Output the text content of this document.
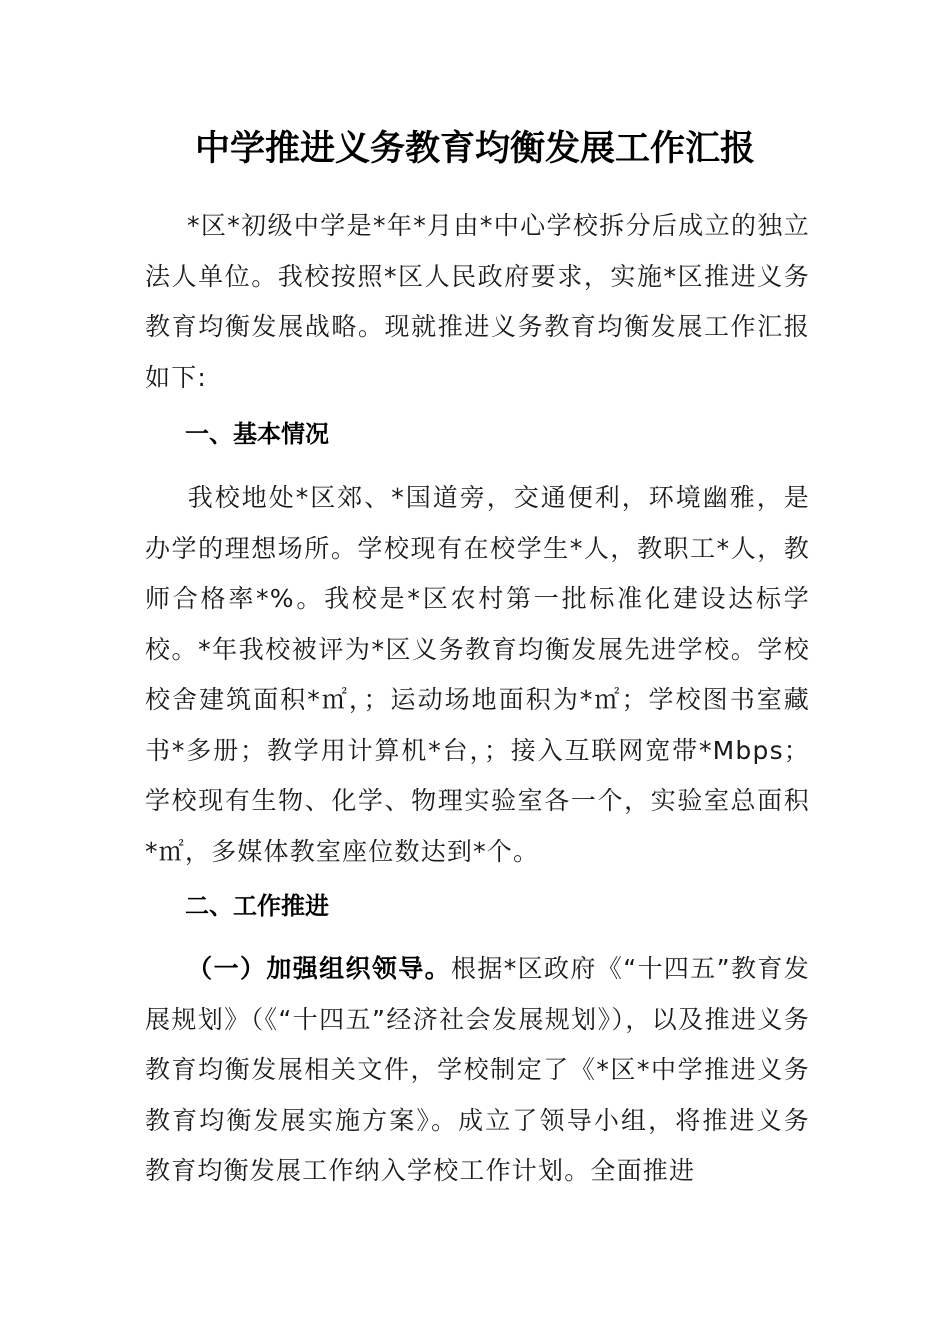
中学推进义务教育均衡发展工作汇报
*区*初级中学是*年*月由*中心学校拆分后成立的独立法人单位。我校按照*区人民政府要求，实施*区推进义务教育均衡发展战略。现就推进义务教育均衡发展工作汇报如下:
一、基本情况
我校地处*区郊、*国道旁，交通便利，环境幽雅，是办学的理想场所。学校现有在校学生*人，教职工*人，教师合格率*%。我校是*区农村第一批标准化建设达标学校。*年我校被评为*区义务教育均衡发展先进学校。学校校舍建筑面积*㎡，；运动场地面积为*㎡；学校图书室藏书*多册；教学用计算机*台，；接入互联网宽带*Mbps；学校现有生物、化学、物理实验室各一个，实验室总面积*㎡，多媒体教室座位数达到*个。
二、工作推进
（一）加强组织领导。根据*区政府《“十四五”教育发展规划》（《“十四五”经济社会发展规划》），以及推进义务教育均衡发展相关文件，学校制定了《*区*中学推进义务教育均衡发展实施方案》。成立了领导小组，将推进义务教育均衡发展工作纳入学校工作计划。全面推进
